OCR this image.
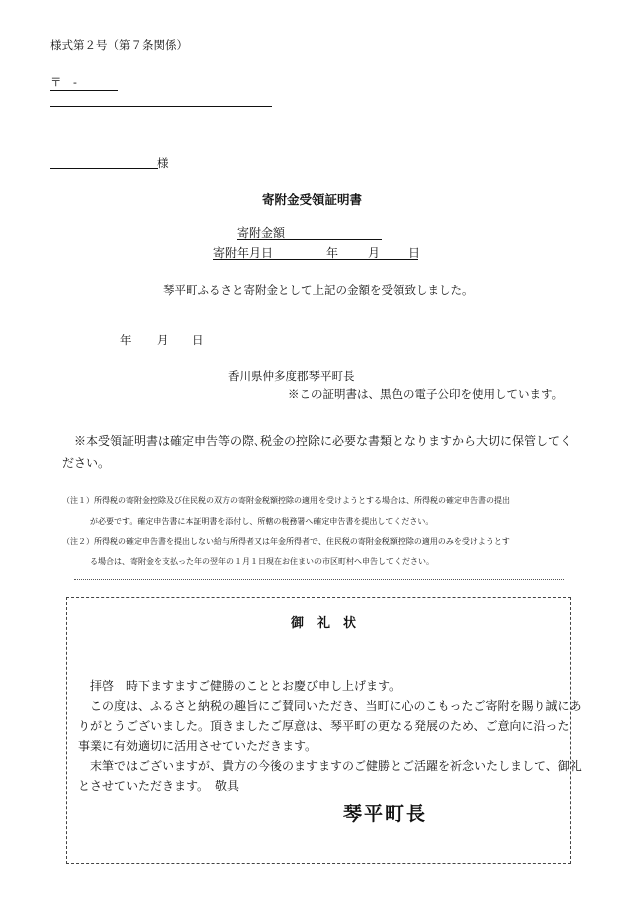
様式第２号（第７条関係）
〒　-
様
寄附金受領証明書
寄附金額
寄附年月日	年 月 日
琴平町ふるさと寄附金として上記の金額を受領致しました。
年 月 日
香川県仲多度郡琴平町長
※この証明書は、黒色の電子公印を使用しています。
※本受領証明書は確定申告等の際､税金の控除に必要な書類となりますから大切に保管してく
ださい。
（注１）所得税の寄附金控除及び住民税の双方の寄附金税額控除の適用を受けようとする場合は、所得税の確定申告書の提出
が必要です。確定申告書に本証明書を添付し、所轄の税務署へ確定申告書を提出してください。
（注２）所得税の確定申告書を提出しない給与所得者又は年金所得者で、住民税の寄附金税額控除の適用のみを受けようとす
る場合は、寄附金を支払った年の翌年の１月１日現在お住まいの市区町村へ申告してください。
御　礼　状
拝啓　時下ますますご健勝のこととお慶び申し上げます。
この度は、ふるさと納税の趣旨にご賛同いただき、当町に心のこもったご寄附を賜り誠にあ
りがとうございました。頂きましたご厚意は、琴平町の更なる発展のため、ご意向に沿った
事業に有効適切に活用させていただきます。
末筆ではございますが、貴方の今後のますますのご健勝とご活躍を祈念いたしまして、御礼
とさせていただきます。　敬具
琴平町長
